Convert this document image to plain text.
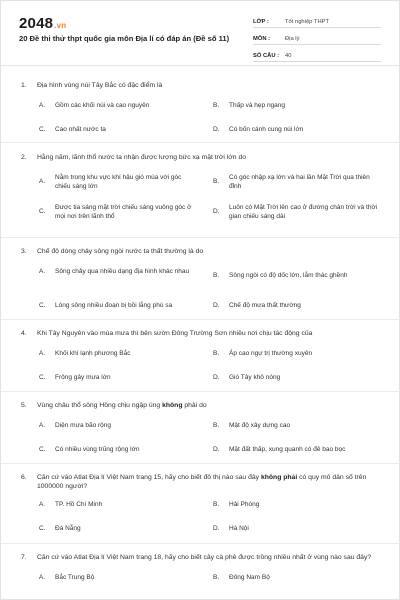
2048.vn
20 Đề thi thử thpt quốc gia môn Địa lí có đáp án (Đề số 11)
LỚP :	Tốt nghiệp THPT
MÔN :	Địa lý
SỐ CÂU :	40
1.	Địa hình vùng núi Tây Bắc có đặc điểm là
A.	Gồm các khối núi và cao nguyên	B.	Thấp và hẹp ngang
C.	Cao nhất nước ta	D.	Có bốn cánh cung núi lớn
2.	Hằng năm, lãnh thổ nước ta nhận được lượng bức xạ mặt trời lớn do
A.
Nằm trong khu vực khí hậu gió mùa với góc chiếu sáng lớn
B.
Có góc nhập xạ lớn và hai lần Mặt Trời qua thiên đỉnh
C.
Được tia sáng mặt trời chiếu sáng vuông góc ở mọi nơi trên lãnh thổ
D.
Luôn có Mặt Trời lên cao ở đường chân trời và thời gian chiếu sáng dài
3.	Chế độ dòng chảy sông ngòi nước ta thất thường là do
A.	Sông chảy qua nhiều dạng địa hình khác nhau
B.	Sông ngòi có độ dốc lớn, lắm thác ghềnh
C.	Lòng sông nhiều đoạn bị bồi lắng phù sa	D.	Chế độ mưa thất thường
4.	Khi Tây Nguyên vào mùa mưa thì bên sườn Đông Trường Sơn nhiều nơi chịu tác động của
A.	Khối khí lạnh phương Bắc	B.	Áp cao ngự trị thường xuyên
C.	Frông gây mưa lớn	D.	Gió Tây khô nóng
5.	Vùng châu thổ sông Hồng chịu ngập úng không phải do
A.	Diện mưa bão rộng	B.	Mật độ xây dựng cao
C.	Có nhiều vùng trũng rộng lớn	D.	Mặt đất thấp, xung quanh có đê bao bọc
6.	Căn cứ vào Atlat Địa lí Việt Nam trang 15, hãy cho biết đô thị nào sau đây không phải có quy mô dân số trên 1000000 người?
A.	TP. Hồ Chí Minh	B.	Hải Phòng
C.	Đà Nẵng	D.	Hà Nội
7.	Căn cứ vào Atlat Địa lí Việt Nam trang 18, hãy cho biết cây cà phê được trồng nhiều nhất ở vùng nào sau đây?
A.	Bắc Trung Bộ	B.	Đông Nam Bộ
